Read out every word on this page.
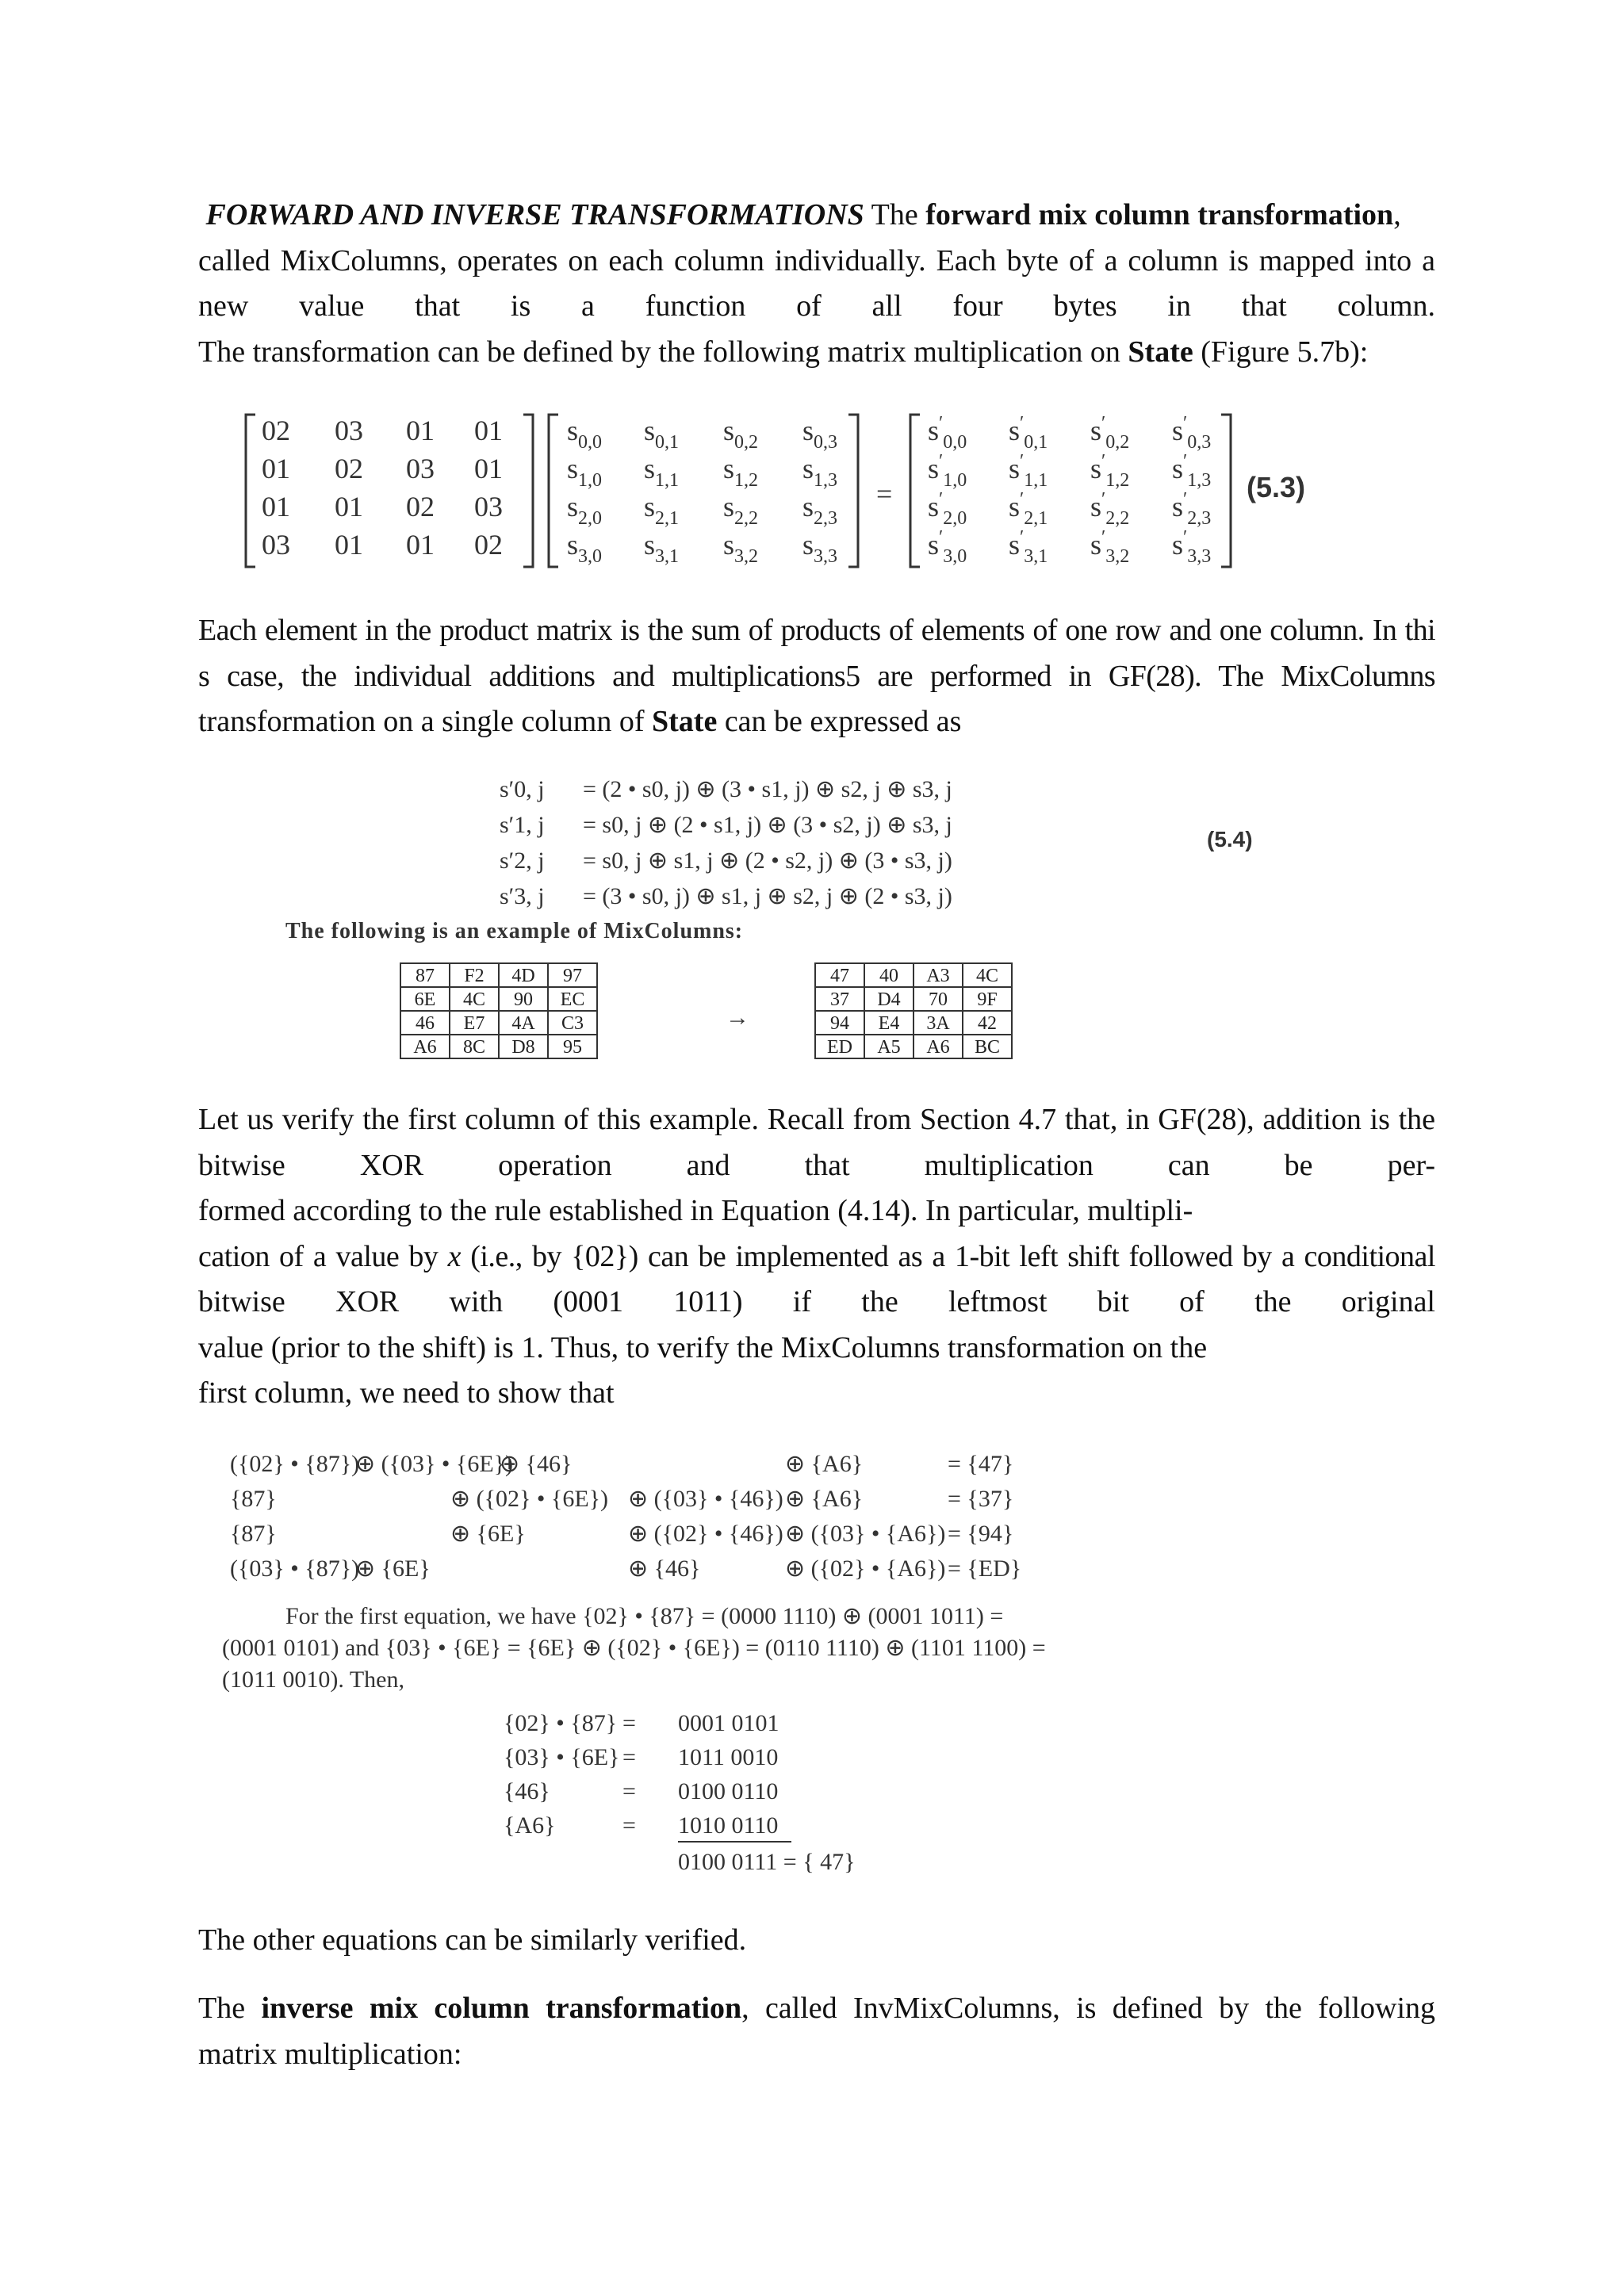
FORWARD AND INVERSE TRANSFORMATIONS The forward mix column transformation,
called MixColumns, operates on each column individually. Each byte of a column is mapped into a
new value that is a function of all four bytes in that column.
The transformation can be defined by the following matrix multiplication on State (Figure 5.7b):
02 03 01 01
01 02 03 01
01 01 02 03
03 01 01 02
$s_{0,0}$ $s_{0,1}$ $s_{0,2}$ $s_{0,3}$
$s_{1,0}$ $s_{1,1}$ $s_{1,2}$ $s_{1,3}$
$s_{2,0}$ $s_{2,1}$ $s_{2,2}$ $s_{2,3}$
$s_{3,0}$ $s_{3,1}$ $s_{3,2}$ $s_{3,3}$
=
$s'_{0,0}$ $s'_{0,1}$ $s'_{0,2}$ $s'_{0,3}$
$s'_{1,0}$ $s'_{1,1}$ $s'_{1,2}$ $s'_{1,3}$
$s'_{2,0}$ $s'_{2,1}$ $s'_{2,2}$ $s'_{2,3}$
$s'_{3,0}$ $s'_{3,1}$ $s'_{3,2}$ $s'_{3,3}$
(5.3)
Each element in the product matrix is the sum of products of elements of one row and one column. In thi
s case, the individual additions and multiplications5 are performed in GF(28). The MixColumns
transformation on a single column of State can be expressed as
s′0, j = (2 • s0, j) ⊕ (3 • s1, j) ⊕ s2, j ⊕ s3, j
s′1, j = s0, j ⊕ (2 • s1, j) ⊕ (3 • s2, j) ⊕ s3, j
s′2, j = s0, j ⊕ s1, j ⊕ (2 • s2, j) ⊕ (3 • s3, j)
s′3, j = (3 • s0, j) ⊕ s1, j ⊕ s2, j ⊕ (2 • s3, j)
(5.4)
The following is an example of MixColumns:
87 F2 4D 97
6E 4C 90 EC
46 E7 4A C3
A6 8C D8 95
→
47 40 A3 4C
37 D4 70 9F
94 E4 3A 42
ED A5 A6 BC
Let us verify the first column of this example. Recall from Section 4.7 that, in GF(28), addition is the
bitwise XOR operation and that multiplication can be per-
formed according to the rule established in Equation (4.14). In particular, multipli-
cation of a value by x (i.e., by {02}) can be implemented as a 1-bit left shift followed by a conditional
bitwise XOR with (0001 1011) if the leftmost bit of the original
value (prior to the shift) is 1. Thus, to verify the MixColumns transformation on the
first column, we need to show that
({02} • {87})⊕ ({03} • {6E})⊕ {46}	⊕ {A6}	= {47}
{87}	⊕ ({02} • {6E}) ⊕ ({03} • {46})⊕ {A6}	= {37}
{87}	⊕ {6E}	⊕ ({02} • {46})⊕ ({03} • {A6})= {94}
({03} • {87})⊕ {6E}	⊕ {46}	⊕ ({02} • {A6})= {ED}
For the first equation, we have {02} • {87} = (0000 1110) ⊕ (0001 1011) =
(0001 0101) and {03} • {6E} = {6E} ⊕ ({02} • {6E}) = (0110 1110) ⊕ (1101 1100) =
(1011 0010). Then,
{02} • {87} = 0001 0101
{03} • {6E} = 1011 0010
{46}	= 0100 0110
{A6}	= 1010 0110
0100 0111 = { 47}
The other equations can be similarly verified.
The inverse mix column transformation, called InvMixColumns, is defined by the following
matrix multiplication:
